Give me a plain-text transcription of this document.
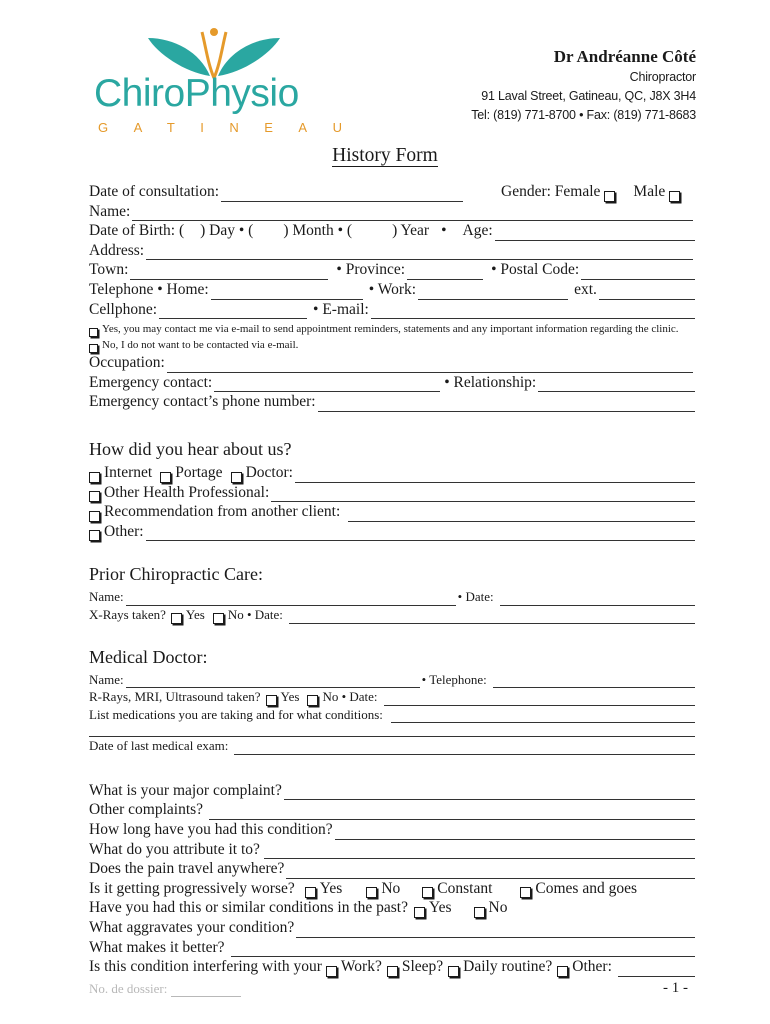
ChiroPhysio
GATINEAU
Dr Andréanne Côté
Chiropractor
91 Laval Street, Gatineau, QC, J8X 3H4
Tel: (819) 771-8700 • Fax: (819) 771-8683
History Form
Date of consultation:	Gender: Female Male
Name:
Date of Birth: ( ) Day • ( ) Month • (	) Year • Age:
Address:
Town:	• Province:	• Postal Code:
Telephone • Home:	• Work:	ext.
Cellphone:	• E-mail:
Yes, you may contact me via e-mail to send appointment reminders, statements and any important information regarding the clinic.
No, I do not want to be contacted via e-mail.
Occupation:
Emergency contact:	• Relationship:
Emergency contact’s phone number:
How did you hear about us?
Internet Portage Doctor:
Other Health Professional:
Recommendation from another client:
Other:
Prior Chiropractic Care:
Name:	• Date:
X-Rays taken? Yes No • Date:
Medical Doctor:
Name:	• Telephone:
R-Rays, MRI, Ultrasound taken? Yes No • Date:
List medications you are taking and for what conditions:
Date of last medical exam:
What is your major complaint?
Other complaints?
How long have you had this condition?
What do you attribute it to?
Does the pain travel anywhere?
Is it getting progressively worse? Yes	No Constant	Comes and goes
Have you had this or similar conditions in the past? Yes No
What aggravates your condition?
What makes it better?
Is this condition interfering with your Work? Sleep? Daily routine? Other:
No. de dossier:	- 1 -
